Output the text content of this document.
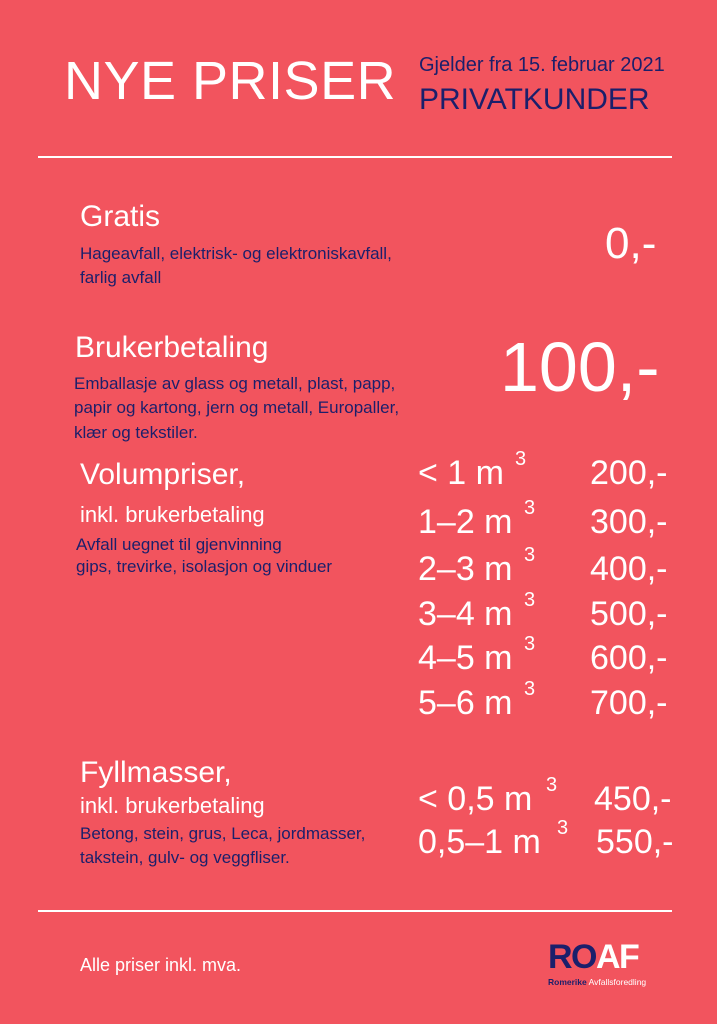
NYE PRISER Gjelder fra 15. februar 2021
PRIVATKUNDER
Gratis
Hageavfall, elektrisk- og elektroniskavfall,
farlig avfall
0,-
Brukerbetaling
Emballasje av glass og metall, plast, papp,
papir og kartong, jern og metall, Europaller,
klær og tekstiler.
100,-
Volumpriser,
inkl. brukerbetaling
Avfall uegnet til gjenvinning
gips, trevirke, isolasjon og vinduer
< 1 m 3 200,-
1–2 m 3 300,-
2–3 m 3 400,-
3–4 m 3 500,-
4–5 m 3 600,-
5–6 m 3 700,-
Fyllmasser,
inkl. brukerbetaling
Betong, stein, grus, Leca, jordmasser,
takstein, gulv- og veggfliser.
< 0,5 m 3 450,-
0,5–1 m 3 550,-
Alle priser inkl. mva.	ROAF
Romerike Avfallsforedling
